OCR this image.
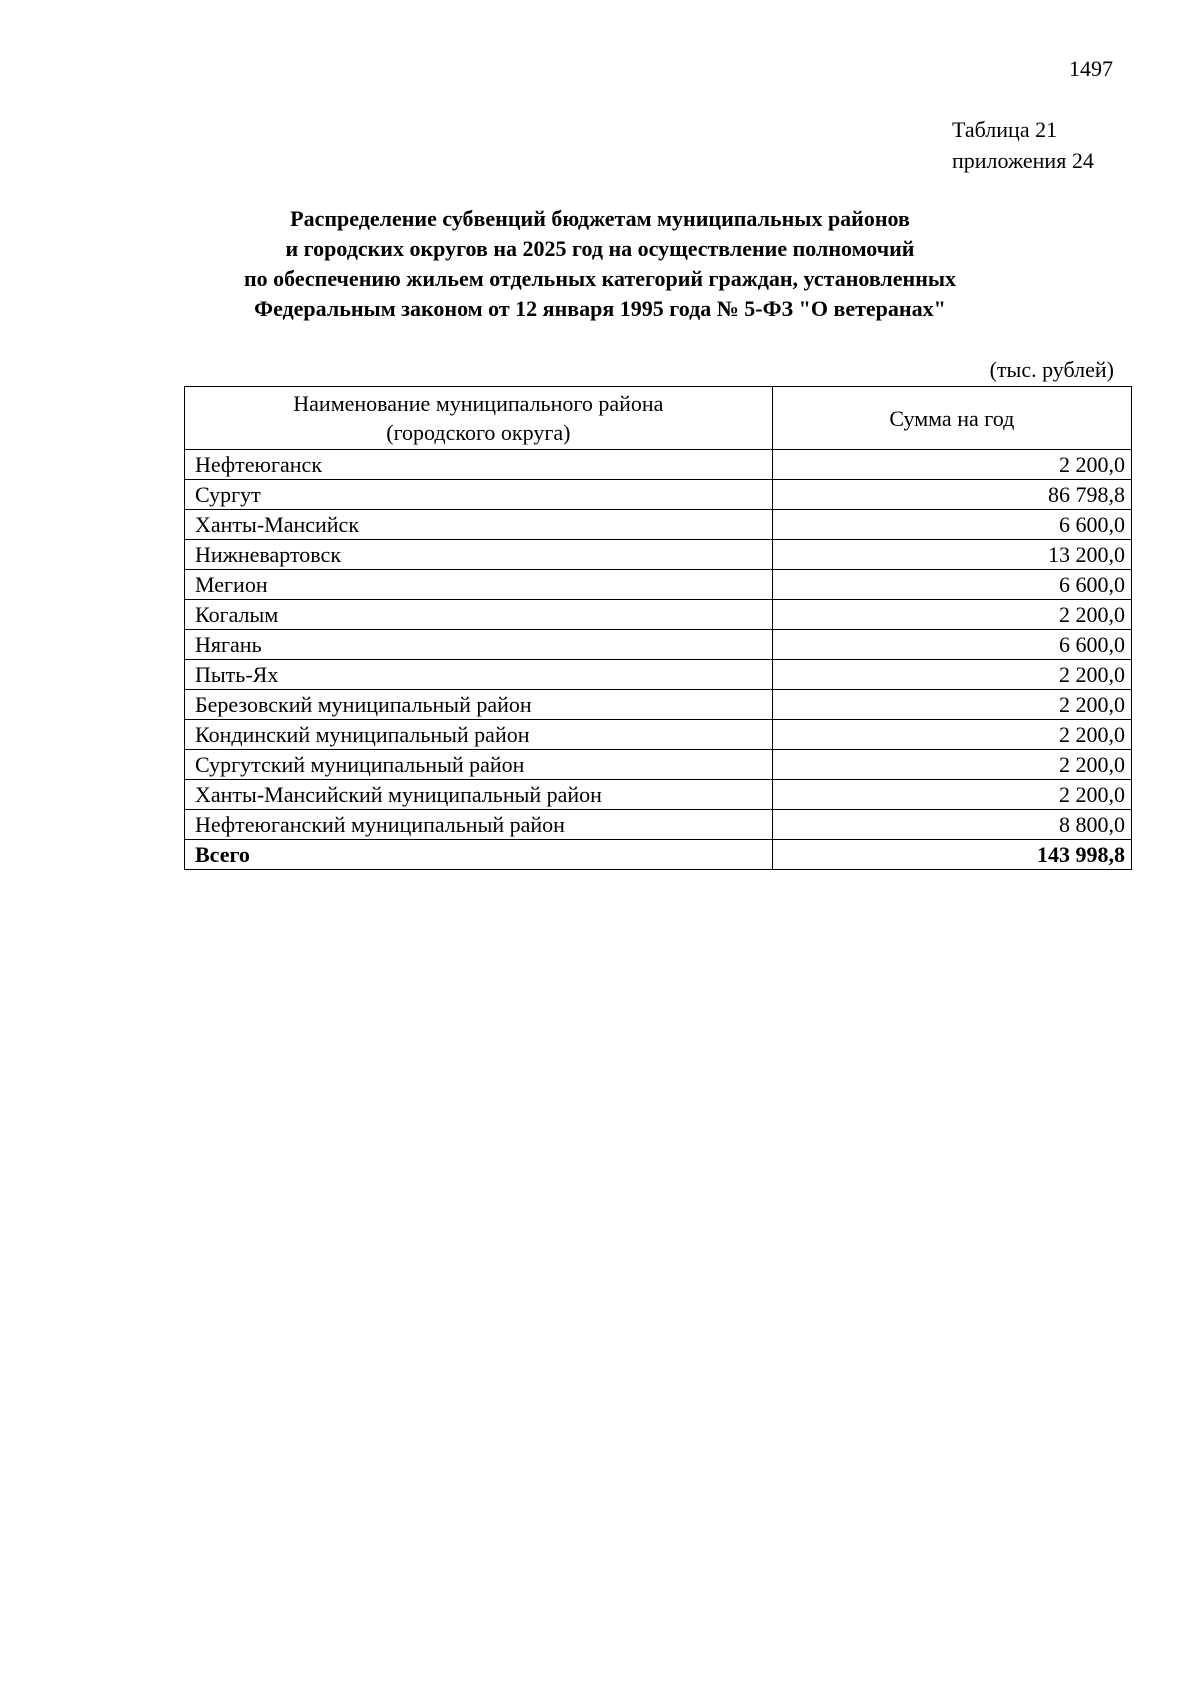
1497
Таблица 21
приложения 24
Распределение субвенций бюджетам муниципальных районов
и городских округов на 2025 год на осуществление полномочий
по обеспечению жильем отдельных категорий граждан, установленных
Федеральным законом от 12 января 1995 года № 5-ФЗ "О ветеранах"
(тыс. рублей)
Наименование муниципального района
(городского округа)	Сумма на год
Нефтеюганск	2 200,0
Сургут	86 798,8
Ханты-Мансийск	6 600,0
Нижневартовск	13 200,0
Мегион	6 600,0
Когалым	2 200,0
Нягань	6 600,0
Пыть-Ях	2 200,0
Березовский муниципальный район	2 200,0
Кондинский муниципальный район	2 200,0
Сургутский муниципальный район	2 200,0
Ханты-Мансийский муниципальный район	2 200,0
Нефтеюганский муниципальный район	8 800,0
Всего	143 998,8
